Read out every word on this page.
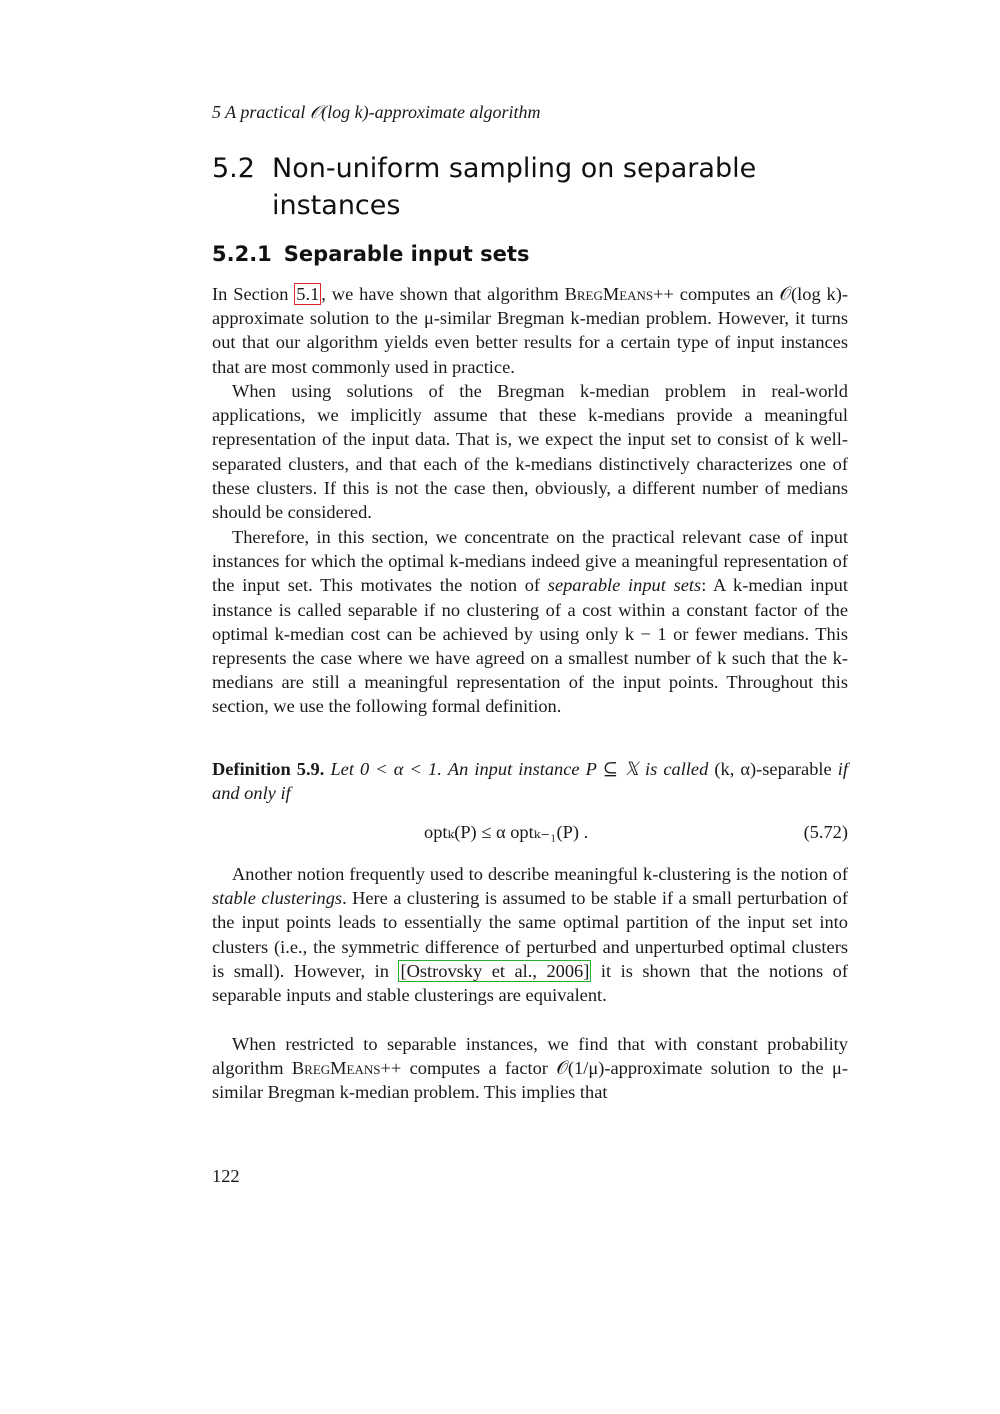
5 A practical 𝒪(log k)-approximate algorithm
5.2 Non-uniform sampling on separable
instances
5.2.1 Separable input sets
In Section 5.1 , we have shown that algorithm BregMeans++ computes an 𝒪(log k)-approximate solution to the μ-similar Bregman k-median problem. However, it turns out that our algorithm yields even better results for a certain type of input instances that are most commonly used in practice.
When using solutions of the Bregman k-median problem in real-world applications, we implicitly assume that these k-medians provide a meaningful representation of the input data. That is, we expect the input set to consist of k well-separated clusters, and that each of the k-medians distinctively characterizes one of these clusters. If this is not the case then, obviously, a different number of medians should be considered.
Therefore, in this section, we concentrate on the practical relevant case of input instances for which the optimal k-medians indeed give a meaningful representation of the input set. This motivates the notion of separable input sets: A k-median input instance is called separable if no clustering of a cost within a constant factor of the optimal k-median cost can be achieved by using only k − 1 or fewer medians. This represents the case where we have agreed on a smallest number of k such that the k-medians are still a meaningful representation of the input points. Throughout this section, we use the following formal definition.
Definition 5.9. Let 0 < α < 1. An input instance P ⊆ 𝕏 is called (k, α)-separable if and only if
optₖ(P) ≤ α optₖ₋₁(P) .	(5.72)
Another notion frequently used to describe meaningful k-clustering is the notion of stable clusterings. Here a clustering is assumed to be stable if a small perturbation of the input points leads to essentially the same optimal partition of the input set into clusters (i.e., the symmetric difference of perturbed and unperturbed optimal clusters is small). However, in [Ostrovsky et al., 2006] it is shown that the notions of separable inputs and stable clusterings are equivalent.
When restricted to separable instances, we find that with constant probability algorithm BregMeans++ computes a factor 𝒪(1/μ)-approximate solution to the μ-similar Bregman k-median problem. This implies that
122
